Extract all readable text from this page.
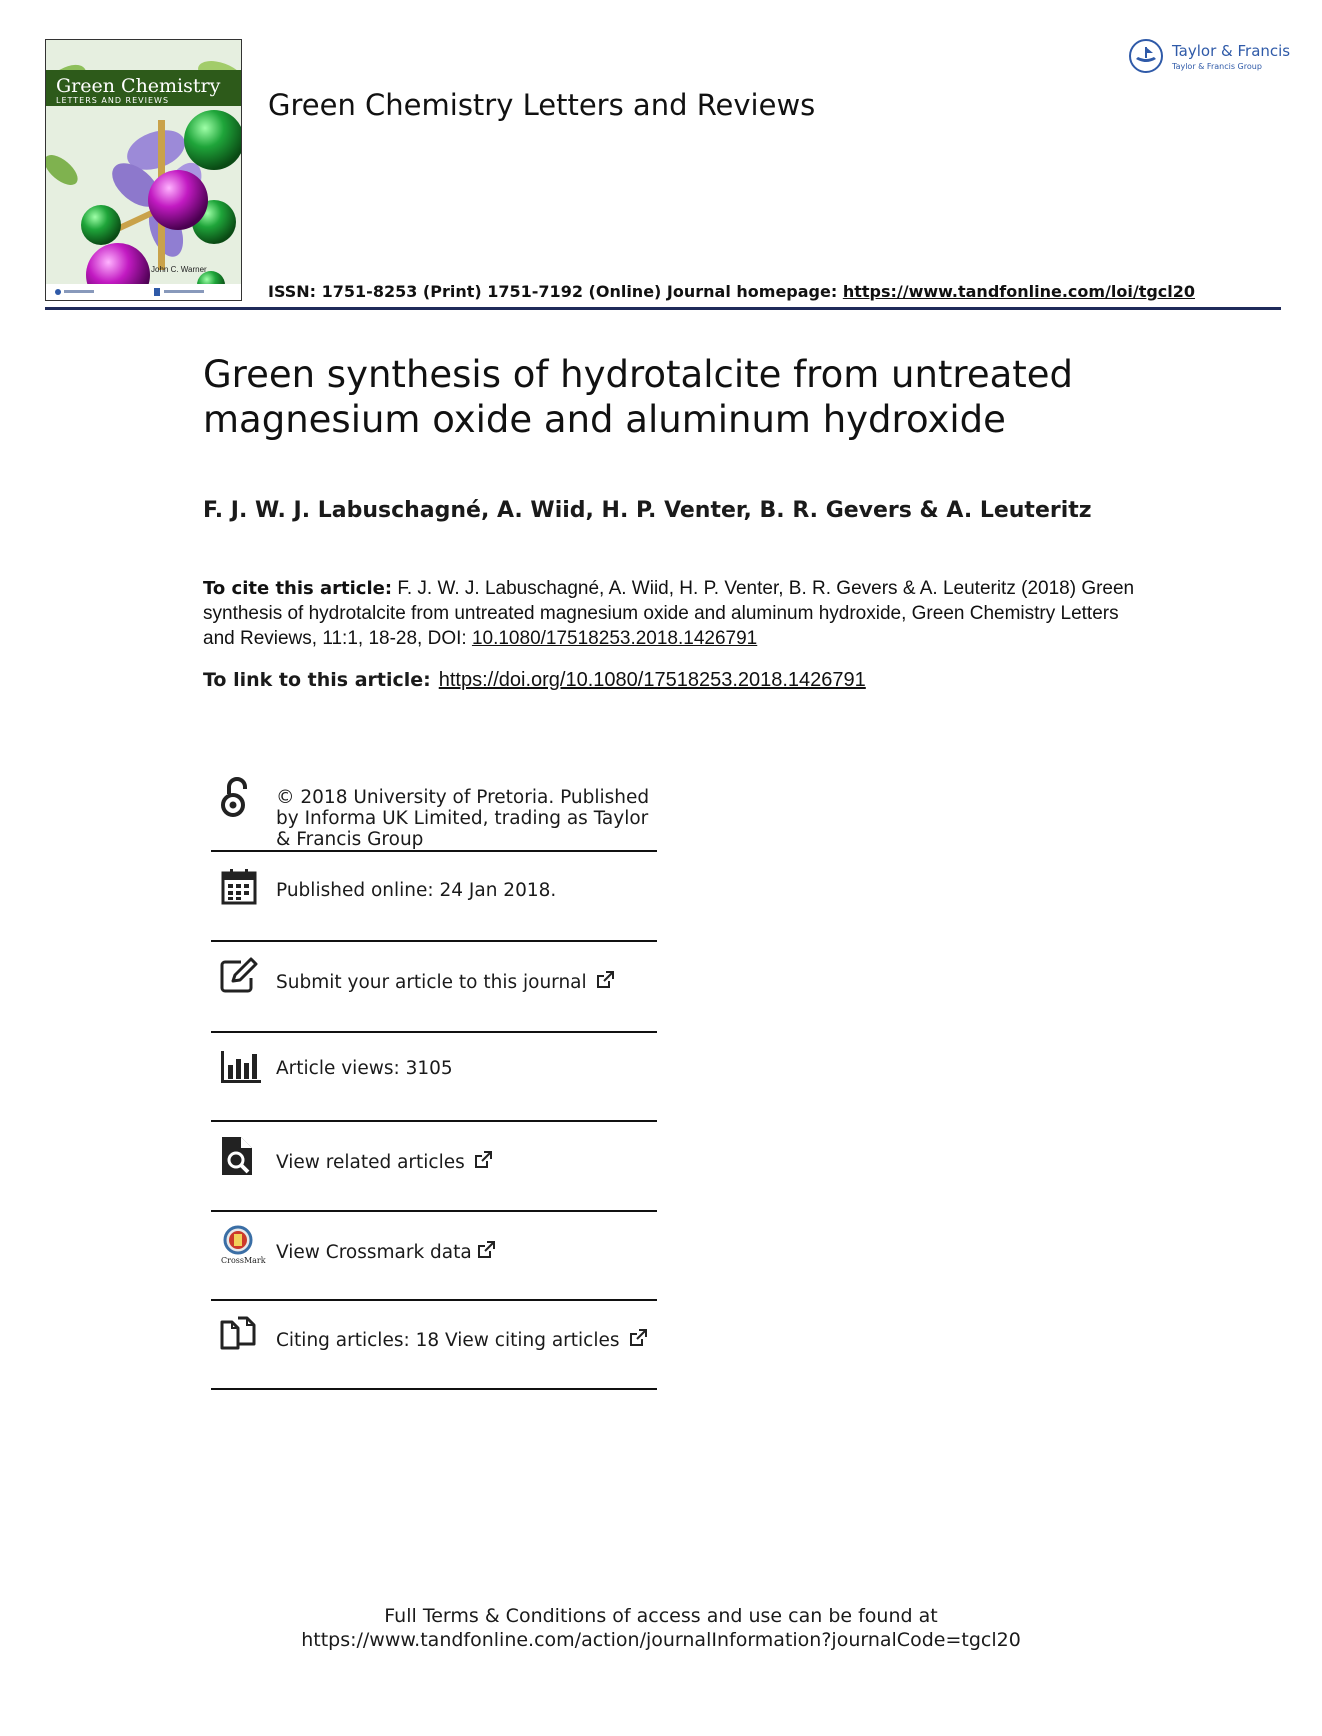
Green Chemistry
LETTERS AND REVIEWS
John C. Warner
Taylor & Francis
Taylor & Francis Group
Green Chemistry Letters and Reviews
ISSN: 1751-8253 (Print) 1751-7192 (Online) Journal homepage: https://www.tandfonline.com/loi/tgcl20
Green synthesis of hydrotalcite from untreated magnesium oxide and aluminum hydroxide
F. J. W. J. Labuschagné, A. Wiid, H. P. Venter, B. R. Gevers & A. Leuteritz
To cite this article: F. J. W. J. Labuschagné, A. Wiid, H. P. Venter, B. R. Gevers & A. Leuteritz (2018) Green synthesis of hydrotalcite from untreated magnesium oxide and aluminum hydroxide, Green Chemistry Letters and Reviews, 11:1, 18-28, DOI: 10.1080/17518253.2018.1426791
To link to this article: https://doi.org/10.1080/17518253.2018.1426791
© 2018 University of Pretoria. Published by Informa UK Limited, trading as Taylor & Francis Group
Published online: 24 Jan 2018.
Submit your article to this journal
Article views: 3105
View related articles
CrossMark View Crossmark data
Citing articles: 18 View citing articles
Full Terms & Conditions of access and use can be found at
https://www.tandfonline.com/action/journalInformation?journalCode=tgcl20
